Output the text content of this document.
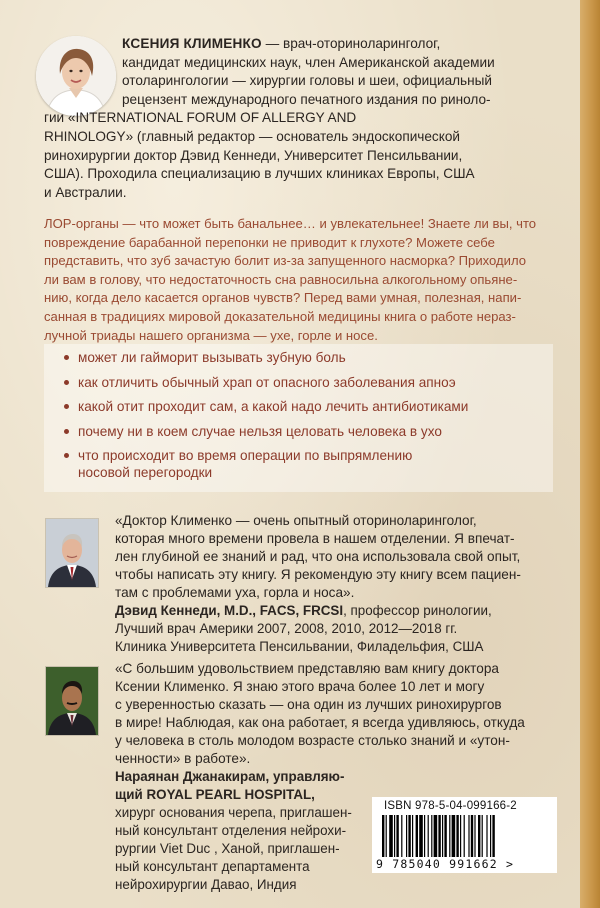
КСЕНИЯ КЛИМЕНКО — врач-оториноларинголог,
кандидат медицинских наук, член Американской академии
отоларингологии — хирургии головы и шеи, официальный
рецензент международного печатного издания по риноло-
гии «INTERNATIONAL FORUM OF ALLERGY AND
RHINOLOGY» (главный редактор — основатель эндоскопической
ринохирургии доктор Дэвид Кеннеди, Университет Пенсильвании,
США). Проходила специализацию в лучших клиниках Европы, США
и Австралии.
ЛОР-органы — что может быть банальнее… и увлекательнее! Знаете ли вы, что
повреждение барабанной перепонки не приводит к глухоте? Можете себе
представить, что зуб зачастую болит из-за запущенного насморка? Приходило
ли вам в голову, что недостаточность сна равносильна алкогольному опьяне-
нию, когда дело касается органов чувств? Перед вами умная, полезная, напи-
санная в традициях мировой доказательной медицины книга о работе нераз-
лучной триады нашего организма — ухе, горле и носе.
может ли гайморит вызывать зубную боль
как отличить обычный храп от опасного заболевания апноэ
какой отит проходит сам, а какой надо лечить антибиотиками
почему ни в коем случае нельзя целовать человека в ухо
что происходит во время операции по выпрямлению
носовой перегородки
«Доктор Клименко — очень опытный оториноларинголог,
которая много времени провела в нашем отделении. Я впечат-
лен глубиной ее знаний и рад, что она использовала свой опыт,
чтобы написать эту книгу. Я рекомендую эту книгу всем пациен-
там с проблемами уха, горла и носа».
Дэвид Кеннеди, M.D., FACS, FRCSI, профессор ринологии,
Лучший врач Америки 2007, 2008, 2010, 2012—2018 гг.
Клиника Университета Пенсильвании, Филадельфия, США
«С большим удовольствием представляю вам книгу доктора
Ксении Клименко. Я знаю этого врача более 10 лет и могу
с уверенностью сказать — она один из лучших ринохирургов
в мире! Наблюдая, как она работает, я всегда удивляюсь, откуда
у человека в столь молодом возрасте столько знаний и «утон-
ченности» в работе».
Нараянан Джанакирам, управляю-
щий ROYAL PEARL HOSPITAL,
хирург основания черепа, приглашен-
ный консультант отделения нейрохи-
рургии Viet Duc , Ханой, приглашен-
ный консультант департамента
нейрохирургии Давао, Индия
ISBN 978-5-04-099166-2
9 785040 991662 >
